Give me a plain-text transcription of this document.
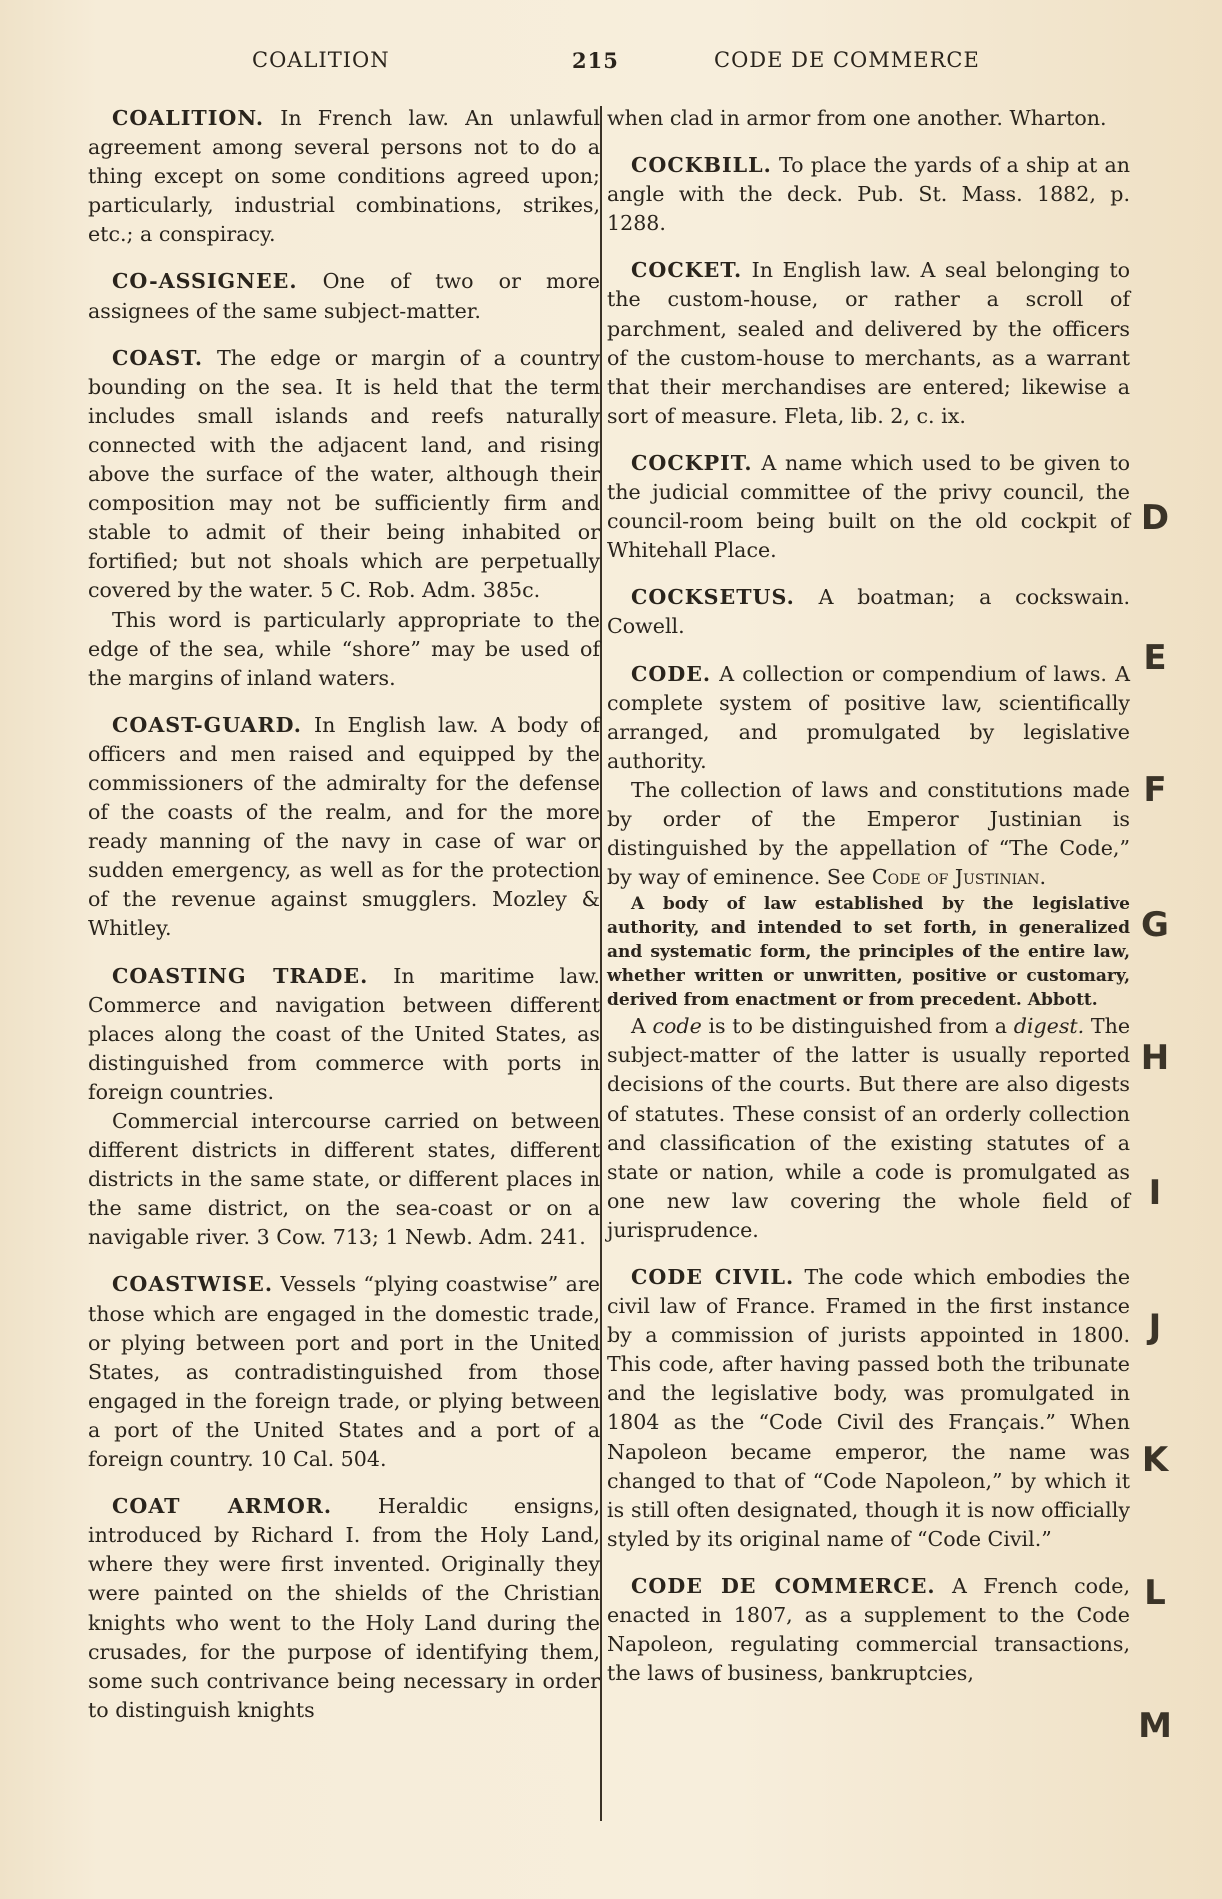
COALITION	215	CODE DE COMMERCE

COALITION. In French law. An unlawful agreement among several persons not to do a thing except on some conditions agreed upon; particularly, industrial combinations, strikes, etc.; a conspiracy.

CO-ASSIGNEE. One of two or more assignees of the same subject-matter.

COAST. The edge or margin of a country bounding on the sea. It is held that the term includes small islands and reefs naturally connected with the adjacent land, and rising above the surface of the water, although their composition may not be sufficiently firm and stable to admit of their being inhabited or fortified; but not shoals which are perpetually covered by the water. 5 C. Rob. Adm. 385c.

This word is particularly appropriate to the edge of the sea, while “shore” may be used of the margins of inland waters.

COAST-GUARD. In English law. A body of officers and men raised and equipped by the commissioners of the admiralty for the defense of the coasts of the realm, and for the more ready manning of the navy in case of war or sudden emergency, as well as for the protection of the revenue against smugglers. Mozley & Whitley.

COASTING TRADE. In maritime law. Commerce and navigation between different places along the coast of the United States, as distinguished from commerce with ports in foreign countries.

Commercial intercourse carried on between different districts in different states, different districts in the same state, or different places in the same district, on the sea-coast or on a navigable river. 3 Cow. 713; 1 Newb. Adm. 241.

COASTWISE. Vessels “plying coastwise” are those which are engaged in the domestic trade, or plying between port and port in the United States, as contradistinguished from those engaged in the foreign trade, or plying between a port of the United States and a port of a foreign country. 10 Cal. 504.

COAT ARMOR. Heraldic ensigns, introduced by Richard I. from the Holy Land, where they were first invented. Originally they were painted on the shields of the Christian knights who went to the Holy Land during the crusades, for the purpose of identifying them, some such contrivance being necessary in order to distinguish knights

when clad in armor from one another. Wharton.

COCKBILL. To place the yards of a ship at an angle with the deck. Pub. St. Mass. 1882, p. 1288.

COCKET. In English law. A seal belonging to the custom-house, or rather a scroll of parchment, sealed and delivered by the officers of the custom-house to merchants, as a warrant that their merchandises are entered; likewise a sort of measure. Fleta, lib. 2, c. ix.

COCKPIT. A name which used to be given to the judicial committee of the privy council, the council-room being built on the old cockpit of Whitehall Place.

COCKSETUS. A boatman; a cockswain. Cowell.

CODE. A collection or compendium of laws. A complete system of positive law, scientifically arranged, and promulgated by legislative authority.

The collection of laws and constitutions made by order of the Emperor Justinian is distinguished by the appellation of “The Code,” by way of eminence. See Code of Justinian.

A body of law established by the legislative authority, and intended to set forth, in generalized and systematic form, the principles of the entire law, whether written or unwritten, positive or customary, derived from enactment or from precedent. Abbott.

A code is to be distinguished from a digest. The subject-matter of the latter is usually reported decisions of the courts. But there are also digests of statutes. These consist of an orderly collection and classification of the existing statutes of a state or nation, while a code is promulgated as one new law covering the whole field of jurisprudence.

CODE CIVIL. The code which embodies the civil law of France. Framed in the first instance by a commission of jurists appointed in 1800. This code, after having passed both the tribunate and the legislative body, was promulgated in 1804 as the “Code Civil des Français.” When Napoleon became emperor, the name was changed to that of “Code Napoleon,” by which it is still often designated, though it is now officially styled by its original name of “Code Civil.”

CODE DE COMMERCE. A French code, enacted in 1807, as a supplement to the Code Napoleon, regulating commercial transactions, the laws of business, bankruptcies,

D
E
F
G
H
I
J
K
L
M
